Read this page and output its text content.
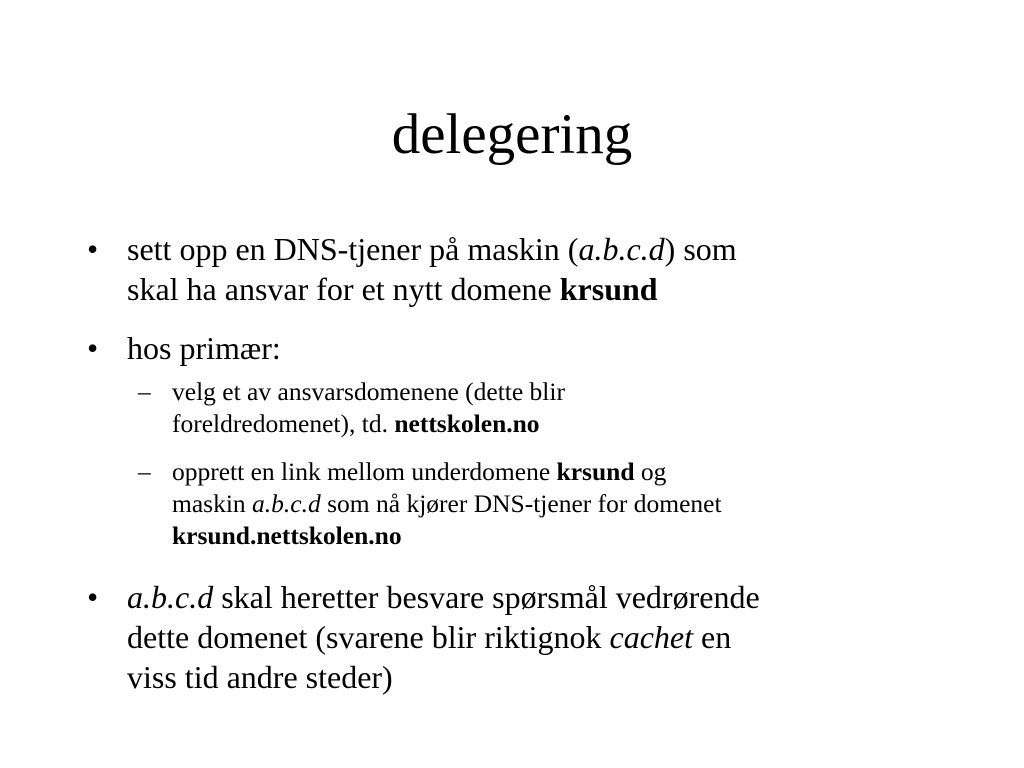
delegering
• sett opp en DNS-tjener på maskin (a.b.c.d) som
skal ha ansvar for et nytt domene krsund
• hos primær:
– velg et av ansvarsdomenene (dette blir
foreldredomenet), td. nettskolen.no
– opprett en link mellom underdomene krsund og
maskin a.b.c.d som nå kjører DNS-tjener for domenet
krsund.nettskolen.no
• a.b.c.d skal heretter besvare spørsmål vedrørende
dette domenet (svarene blir riktignok cachet en
viss tid andre steder)
